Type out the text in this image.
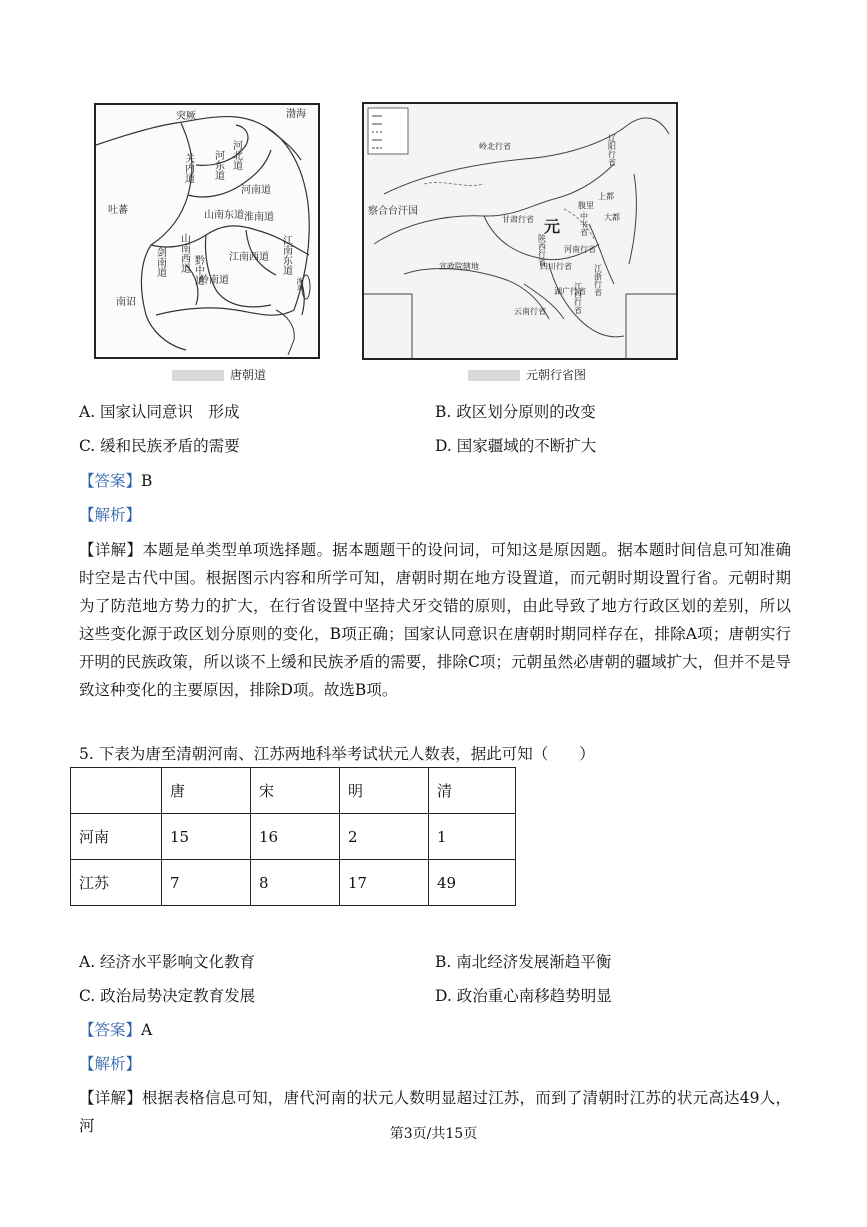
突厥	渤海
关内道	河北道
河东道
河南道
吐蕃
剑南道 山南西道
山南东道 淮南道
黔中道	江南西道 江南东道
南诏
岭南道	流求
唐朝道
岭北行省	辽阳行省
腹里
上都
大都
中书省
甘肃行省
陕西行省 河南行省
江浙行省
四川行省
湖广行省
江西行省
云南行省
宣政院辖地
察合台汗国
元
元朝行省图
A. 国家认同意识　形成	B. 政区划分原则的改变
C. 缓和民族矛盾的需要	D. 国家疆域的不断扩大
【答案】B
【解析】

【详解】本题是单类型单项选择题。据本题题干的设问词，可知这是原因题。据本题时间信息可知准确时空是古代中国。根据图示内容和所学可知，唐朝时期在地方设置道，而元朝时期设置行省。元朝时期为了防范地方势力的扩大，在行省设置中坚持犬牙交错的原则，由此导致了地方行政区划的差别，所以这些变化源于政区划分原则的变化，B项正确；国家认同意识在唐朝时期同样存在，排除A项；唐朝实行开明的民族政策，所以谈不上缓和民族矛盾的需要，排除C项；元朝虽然必唐朝的疆域扩大，但并不是导致这种变化的主要原因，排除D项。故选B项。

5. 下表为唐至清朝河南、江苏两地科举考试状元人数表，据此可知（　　）
	唐	宋	明	清
河南	15	16	2	1
江苏	7	8	17	49
A. 经济水平影响文化教育	B. 南北经济发展渐趋平衡
C. 政治局势决定教育发展	D. 政治重心南移趋势明显
【答案】A
【解析】

【详解】根据表格信息可知，唐代河南的状元人数明显超过江苏，而到了清朝时江苏的状元高达49人，河	第3页/共15页
